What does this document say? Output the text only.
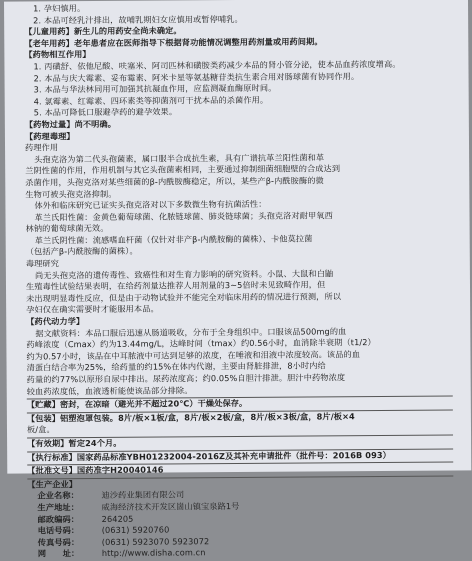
1. 孕妇慎用。
2. 本品可经乳汁排出，故哺乳期妇女应慎用或暂停哺乳。
【儿童用药】新生儿的用药安全尚未确定。
【老年用药】老年患者应在医师指导下根据肾功能情况调整用药剂量或用药间期。
【药物相互作用】
1. 丙磺舒、依他尼酸、呋塞米、阿司匹林和磺胺类药减少本品的肾小管分泌，使本品血药浓度增高。
2. 本品与庆大霉素、妥布霉素、阿米卡星等氨基糖苷类抗生素合用对肠球菌有协同作用。
3. 本品与华法林同用可加强其抗凝血作用，应监测凝血酶原时间。
4. 氯霉素、红霉素、四环素类等抑菌剂可干扰本品的杀菌作用。
5. 本品可降低口服避孕药的避孕效果。
【药物过量】尚不明确。
【药理毒理】
药理作用
头孢克洛为第二代头孢菌素，属口服半合成抗生素，具有广谱抗革兰阳性菌和革
兰阴性菌的作用，作用机制与其它头孢菌素相同，主要通过抑制细菌细胞壁的合成达到
杀菌作用，头孢克洛对某些细菌的β-内酰胺酶稳定，所以，某些产β-内酰胺酶的微
生物可被头孢克洛抑制。
体外和临床研究已证实头孢克洛对以下多数微生物有抗菌活性：
革兰氏阳性菌：金黄色葡萄球菌、化脓链球菌、肺炎链球菌；头孢克洛对耐甲氧西
林钠的葡萄球菌无效。
革兰氏阴性菌：流感嗜血杆菌（仅针对非产β-内酰胺酶的菌株）、卡他莫拉菌
（包括产β-内酰胺酶的菌株）。
毒理研究
尚无头孢克洛的遗传毒性、致癌性和对生育力影响的研究资料。小鼠、大鼠和白鼬
生殖毒性试验结果表明，在给药剂量达推荐人用剂量的3~5倍时未见致畸作用，但
未出现明显毒性反应，但是由于动物试验并不能完全对临床用药的情况进行预测，所以
孕妇仅在确实需要时才能服用本品。
【药代动力学】
据文献资料：本品口服后迅速从肠道吸收，分布于全身组织中。口服该品500mg的血
药峰浓度（Cmax）约为13.44mg/L，达峰时间（tmax）约0.56小时，血消除半衰期（t1/2）
约为0.57小时，该品在中耳脓液中可达到足够的浓度，在唾液和泪液中浓度较高。该品的血
清蛋白结合率为25%，给药量的约15%在体内代谢，主要由肾脏排泄，8小时内给
药量的约77%以原形自尿中排出。尿药浓度高；约0.05%自胆汁排泄。胆汁中药物浓度
较血药浓度低，血液透析能使该品部分排除。
【贮藏】密封，在凉暗（避光并不超过20℃）干燥处保存。
【包装】铝塑泡罩包装。8片/板×1板/盒，8片/板×2板/盒，8片/板×3板/盒，8片/板×4
板/盒。
【有效期】暂定24个月。
【执行标准】国家药品标准YBH01232004-2016Z及其补充申请批件（批件号：2016B 093）
【批准文号】国药准字H20040146
【生产企业】
企业名称：	迪沙药业集团有限公司
生产地址：	威海经济技术开发区崮山镇宝泉路1号
邮政编码：	264205
电话号码：	(0631) 5920760
传真号码：	(0631) 5923070 5923072
网　　址：	http://www.disha.com.cn
